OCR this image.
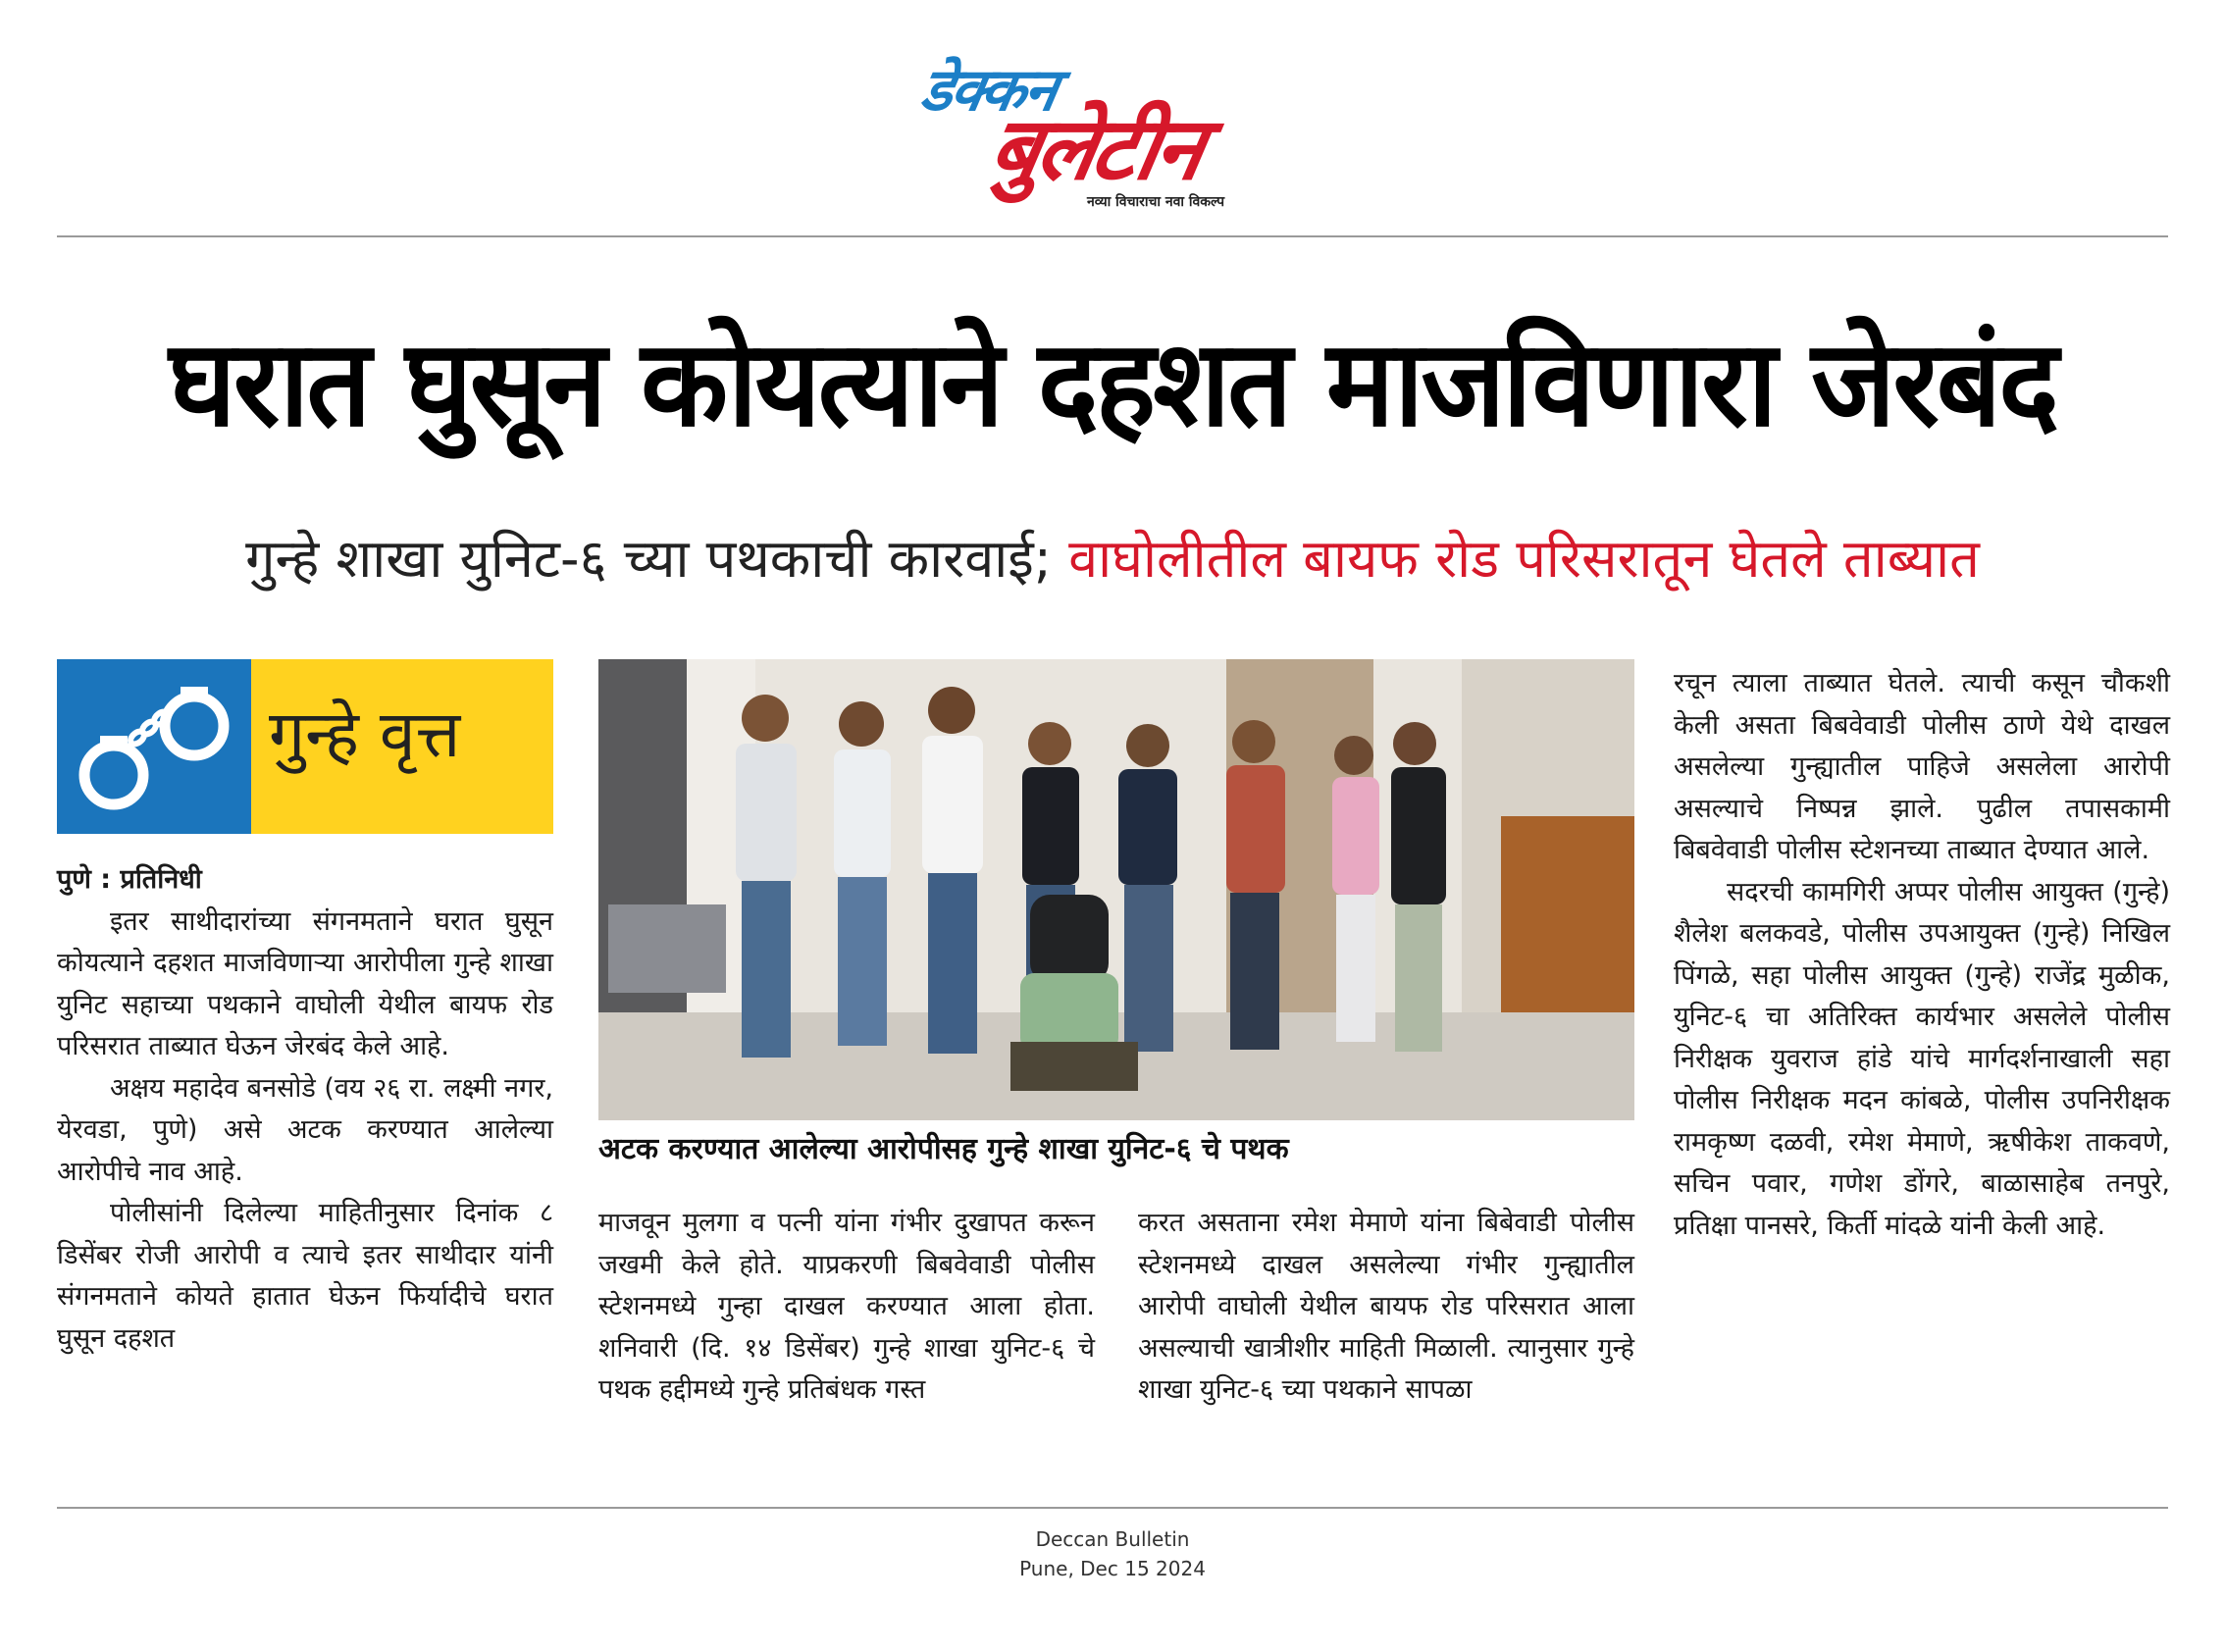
डेक्कन
बुलेटीन
नव्या विचाराचा नवा विकल्प
घरात घुसून कोयत्याने दहशत माजविणारा जेरबंद
गुन्हे शाखा युनिट-६ च्या पथकाची कारवाई; वाघोलीतील बायफ रोड परिसरातून घेतले ताब्यात
गुन्हे वृत्त
अटक करण्यात आलेल्या आरोपीसह गुन्हे शाखा युनिट-६ चे पथक

पुणे : प्रतिनिधी

इतर साथीदारांच्या संगनमताने घरात घुसून कोयत्याने दहशत माजविणाऱ्या आरोपीला गुन्हे शाखा युनिट सहाच्या पथकाने वाघोली येथील बायफ रोड परिसरात ताब्यात घेऊन जेरबंद केले आहे.

अक्षय महादेव बनसोडे (वय २६ रा. लक्ष्मी नगर, येरवडा, पुणे) असे अटक करण्यात आलेल्या आरोपीचे नाव आहे.

पोलीसांनी दिलेल्या माहितीनुसार दिनांक ८ डिसेंबर रोजी आरोपी व त्याचे इतर साथीदार यांनी संगनमताने कोयते हातात घेऊन फिर्यादीचे घरात घुसून दहशत

माजवून मुलगा व पत्नी यांना गंभीर दुखापत करून जखमी केले होते. याप्रकरणी बिबवेवाडी पोलीस स्टेशनमध्ये गुन्हा दाखल करण्यात आला होता. शनिवारी (दि. १४ डिसेंबर) गुन्हे शाखा युनिट-६ चे पथक हद्दीमध्ये गुन्हे प्रतिबंधक गस्त

करत असताना रमेश मेमाणे यांना बिबेवाडी पोलीस स्टेशनमध्ये दाखल असलेल्या गंभीर गुन्ह्यातील आरोपी वाघोली येथील बायफ रोड परिसरात आला असल्याची खात्रीशीर माहिती मिळाली. त्यानुसार गुन्हे शाखा युनिट-६ च्या पथकाने सापळा

रचून त्याला ताब्यात घेतले. त्याची कसून चौकशी केली असता बिबवेवाडी पोलीस ठाणे येथे दाखल असलेल्या गुन्ह्यातील पाहिजे असलेला आरोपी असल्याचे निष्पन्न झाले. पुढील तपासकामी बिबवेवाडी पोलीस स्टेशनच्या ताब्यात देण्यात आले.

सदरची कामगिरी अप्पर पोलीस आयुक्त (गुन्हे) शैलेश बलकवडे, पोलीस उपआयुक्त (गुन्हे) निखिल पिंगळे, सहा पोलीस आयुक्त (गुन्हे) राजेंद्र मुळीक, युनिट-६ चा अतिरिक्त कार्यभार असलेले पोलीस निरीक्षक युवराज हांडे यांचे मार्गदर्शनाखाली सहा पोलीस निरीक्षक मदन कांबळे, पोलीस उपनिरीक्षक रामकृष्ण दळवी, रमेश मेमाणे, ऋषीकेश ताकवणे, सचिन पवार, गणेश डोंगरे, बाळासाहेब तनपुरे, प्रतिक्षा पानसरे, किर्ती मांदळे यांनी केली आहे.

Deccan Bulletin
Pune, Dec 15 2024
